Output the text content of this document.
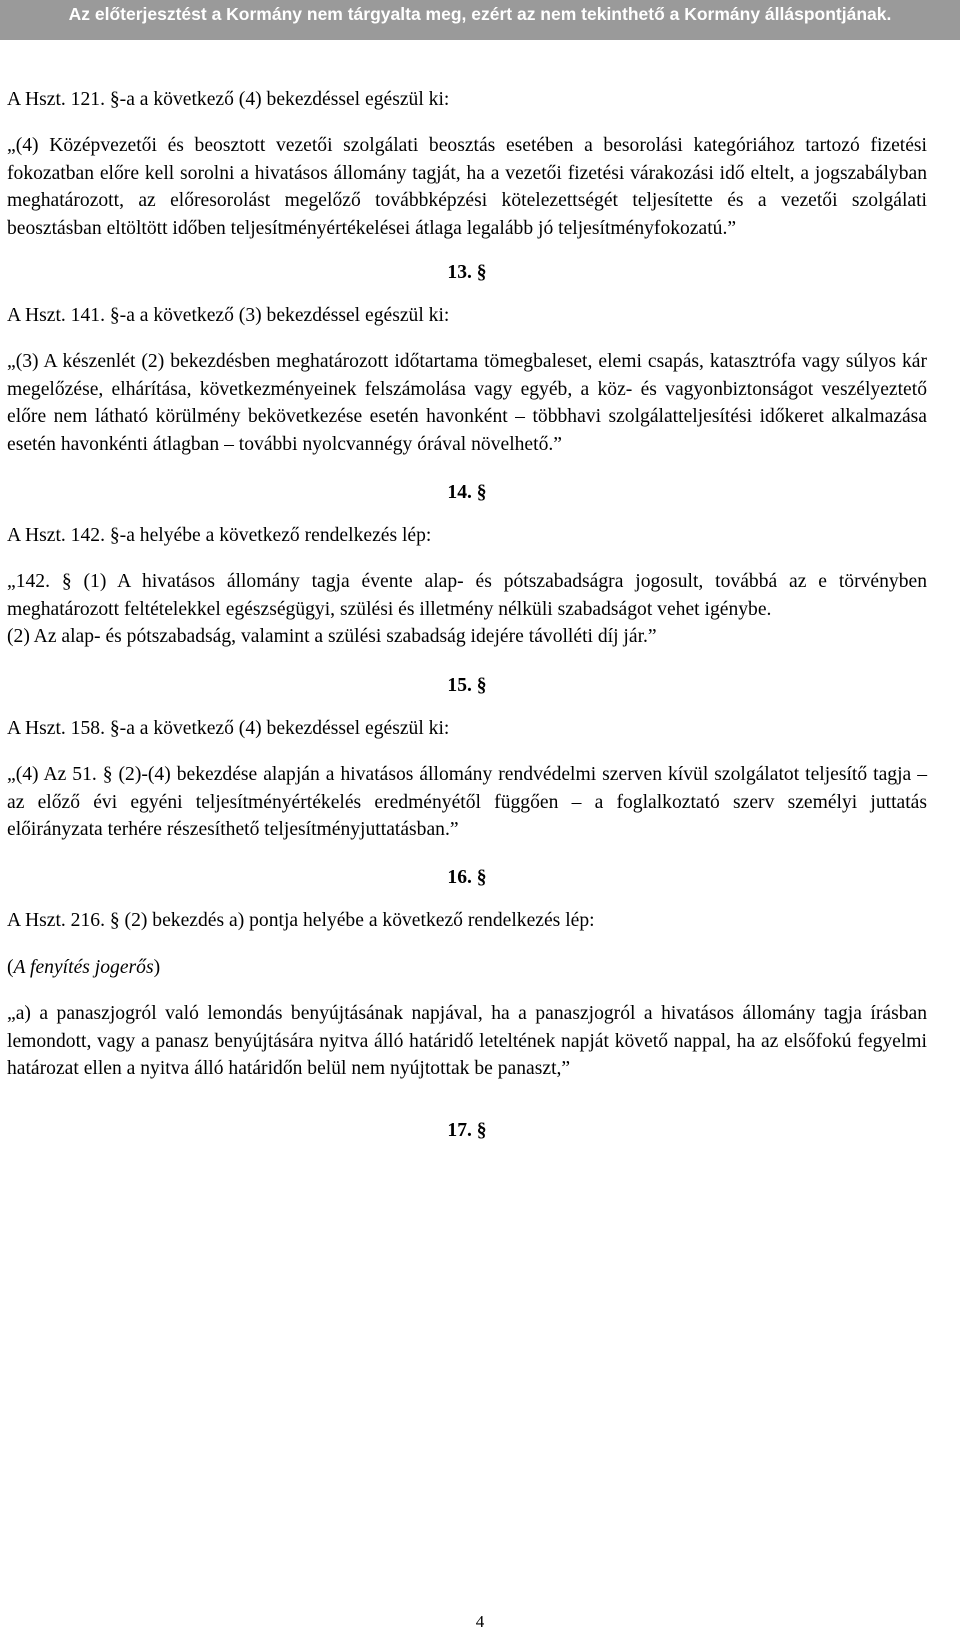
Az előterjesztést a Kormány nem tárgyalta meg, ezért az nem tekinthető a Kormány álláspontjának.

A Hszt. 121. §-a a következő (4) bekezdéssel egészül ki:

„(4) Középvezetői és beosztott vezetői szolgálati beosztás esetében a besorolási kategóriához tartozó fizetési fokozatban előre kell sorolni a hivatásos állomány tagját, ha a vezetői fizetési várakozási idő eltelt, a jogszabályban meghatározott, az előresorolást megelőző továbbképzési kötelezettségét teljesítette és a vezetői szolgálati beosztásban eltöltött időben teljesítményértékelései átlaga legalább jó teljesítményfokozatú.”

13. §

A Hszt. 141. §-a a következő (3) bekezdéssel egészül ki:

„(3) A készenlét (2) bekezdésben meghatározott időtartama tömegbaleset, elemi csapás, katasztrófa vagy súlyos kár megelőzése, elhárítása, következményeinek felszámolása vagy egyéb, a köz- és vagyonbiztonságot veszélyeztető előre nem látható körülmény bekövetkezése esetén havonként – többhavi szolgálatteljesítési időkeret alkalmazása esetén havonkénti átlagban – további nyolcvannégy órával növelhető.”

14. §

A Hszt. 142. §-a helyébe a következő rendelkezés lép:

„142. § (1) A hivatásos állomány tagja évente alap- és pótszabadságra jogosult, továbbá az e törvényben meghatározott feltételekkel egészségügyi, szülési és illetmény nélküli szabadságot vehet igénybe.

(2) Az alap- és pótszabadság, valamint a szülési szabadság idejére távolléti díj jár.”

15. §

A Hszt. 158. §-a a következő (4) bekezdéssel egészül ki:

„(4) Az 51. § (2)-(4) bekezdése alapján a hivatásos állomány rendvédelmi szerven kívül szolgálatot teljesítő tagja – az előző évi egyéni teljesítményértékelés eredményétől függően – a foglalkoztató szerv személyi juttatás előirányzata terhére részesíthető teljesítményjuttatásban.”

16. §

A Hszt. 216. § (2) bekezdés a) pontja helyébe a következő rendelkezés lép:

(A fenyítés jogerős)

„a) a panaszjogról való lemondás benyújtásának napjával, ha a panaszjogról a hivatásos állomány tagja írásban lemondott, vagy a panasz benyújtására nyitva álló határidő leteltének napját követő nappal, ha az elsőfokú fegyelmi határozat ellen a nyitva álló határidőn belül nem nyújtottak be panaszt,”

17. §
4
